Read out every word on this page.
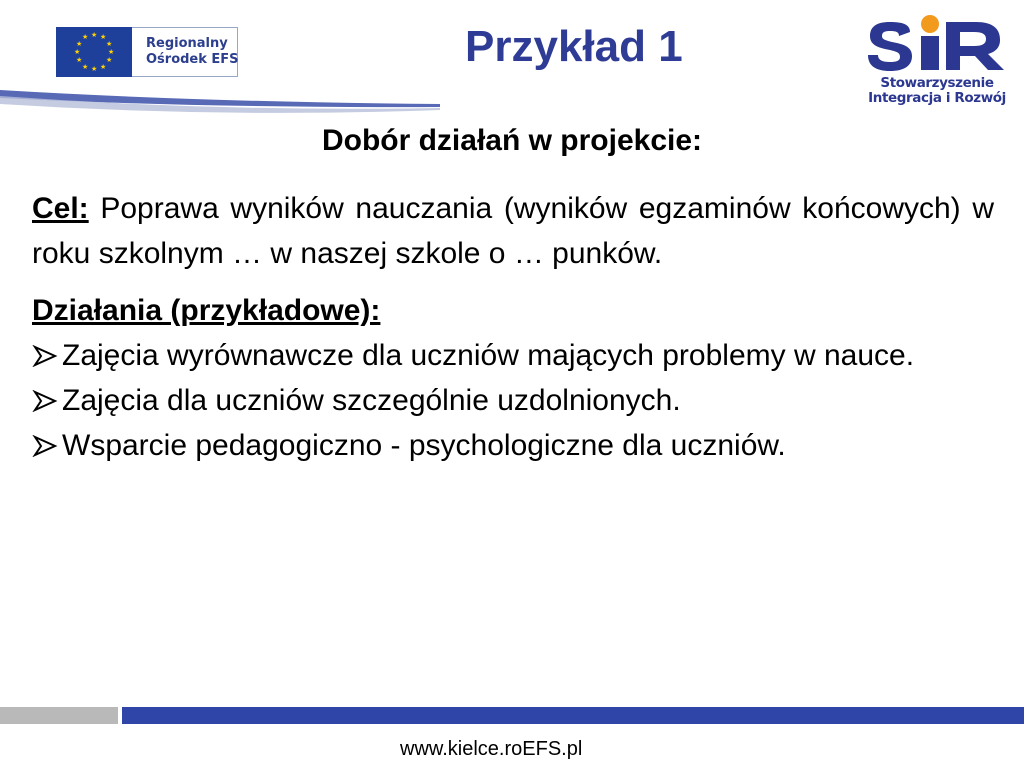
★ ★
★
★
★
★
★
★
★
★
★
★	Regionalny
Ośrodek EFS	Przykład 1
Stowarzyszenie
Integracja i Rozwój
Dobór działań w projekcie:

Cel: Poprawa wyników nauczania (wyników egzaminów końcowych) w roku szkolnym … w naszej szkole o … punków.

Działania (przykładowe):
Zajęcia wyrównawcze dla uczniów mających problemy w nauce.
Zajęcia dla uczniów szczególnie uzdolnionych.
Wsparcie pedagogiczno - psychologiczne dla uczniów.
www.kielce.roEFS.pl
